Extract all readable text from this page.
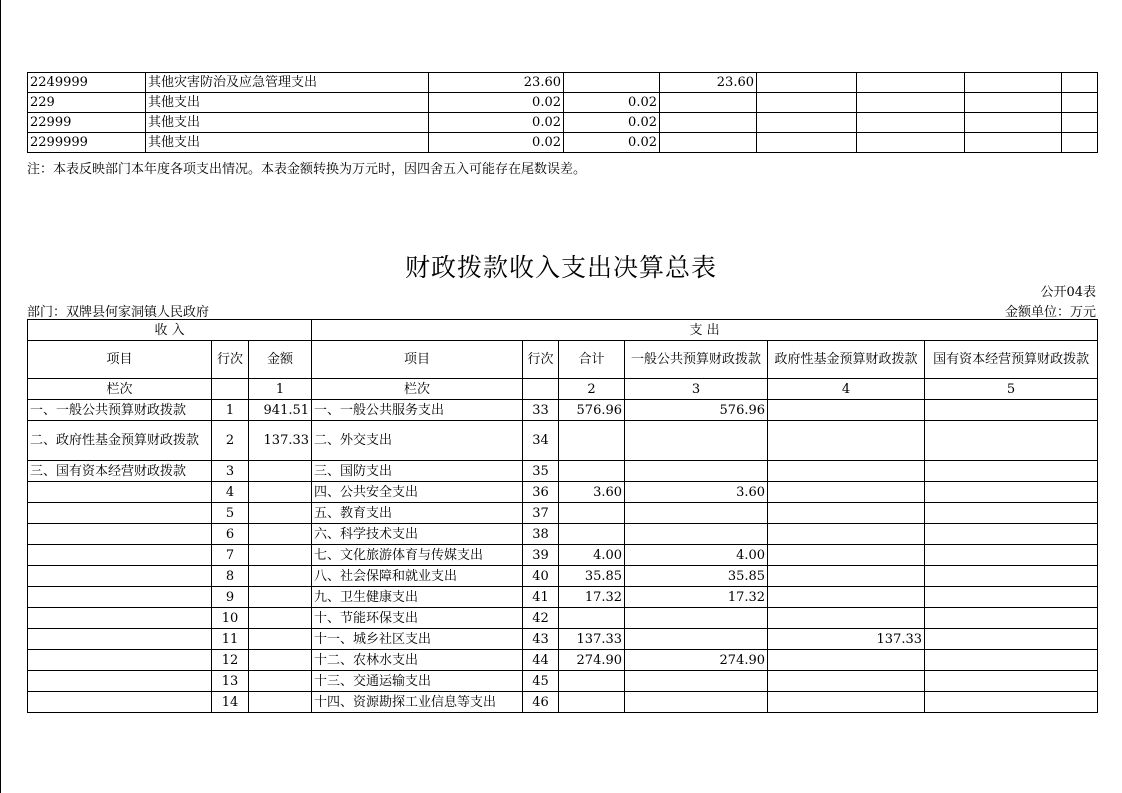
2249999	其他灾害防治及应急管理支出	23.60		23.60				
229	其他支出	0.02	0.02					
22999	其他支出	0.02	0.02					
2299999	其他支出	0.02	0.02					
注：本表反映部门本年度各项支出情况。本表金额转换为万元时，因四舍五入可能存在尾数误差。
财政拨款收入支出决算总表
公开04表
部门：双牌县何家洞镇人民政府	金额单位：万元
收 入			支 出					
项目	行次	金额	项目	行次	合计	一般公共预算财政拨款	政府性基金预算财政拨款	国有资本经营预算财政拨款
栏次		1	栏次		2	3	4	5
一、一般公共预算财政拨款	1	941.51	一、一般公共服务支出	33	576.96	576.96		
二、政府性基金预算财政拨款	2	137.33	二、外交支出	34				
三、国有资本经营财政拨款	3		三、国防支出	35				
	4		四、公共安全支出	36	3.60	3.60		
	5		五、教育支出	37				
	6		六、科学技术支出	38				
	7		七、文化旅游体育与传媒支出	39	4.00	4.00		
	8		八、社会保障和就业支出	40	35.85	35.85		
	9		九、卫生健康支出	41	17.32	17.32		
	10		十、节能环保支出	42				
	11		十一、城乡社区支出	43	137.33		137.33	
	12		十二、农林水支出	44	274.90	274.90		
	13		十三、交通运输支出	45				
	14		十四、资源勘探工业信息等支出	46				
